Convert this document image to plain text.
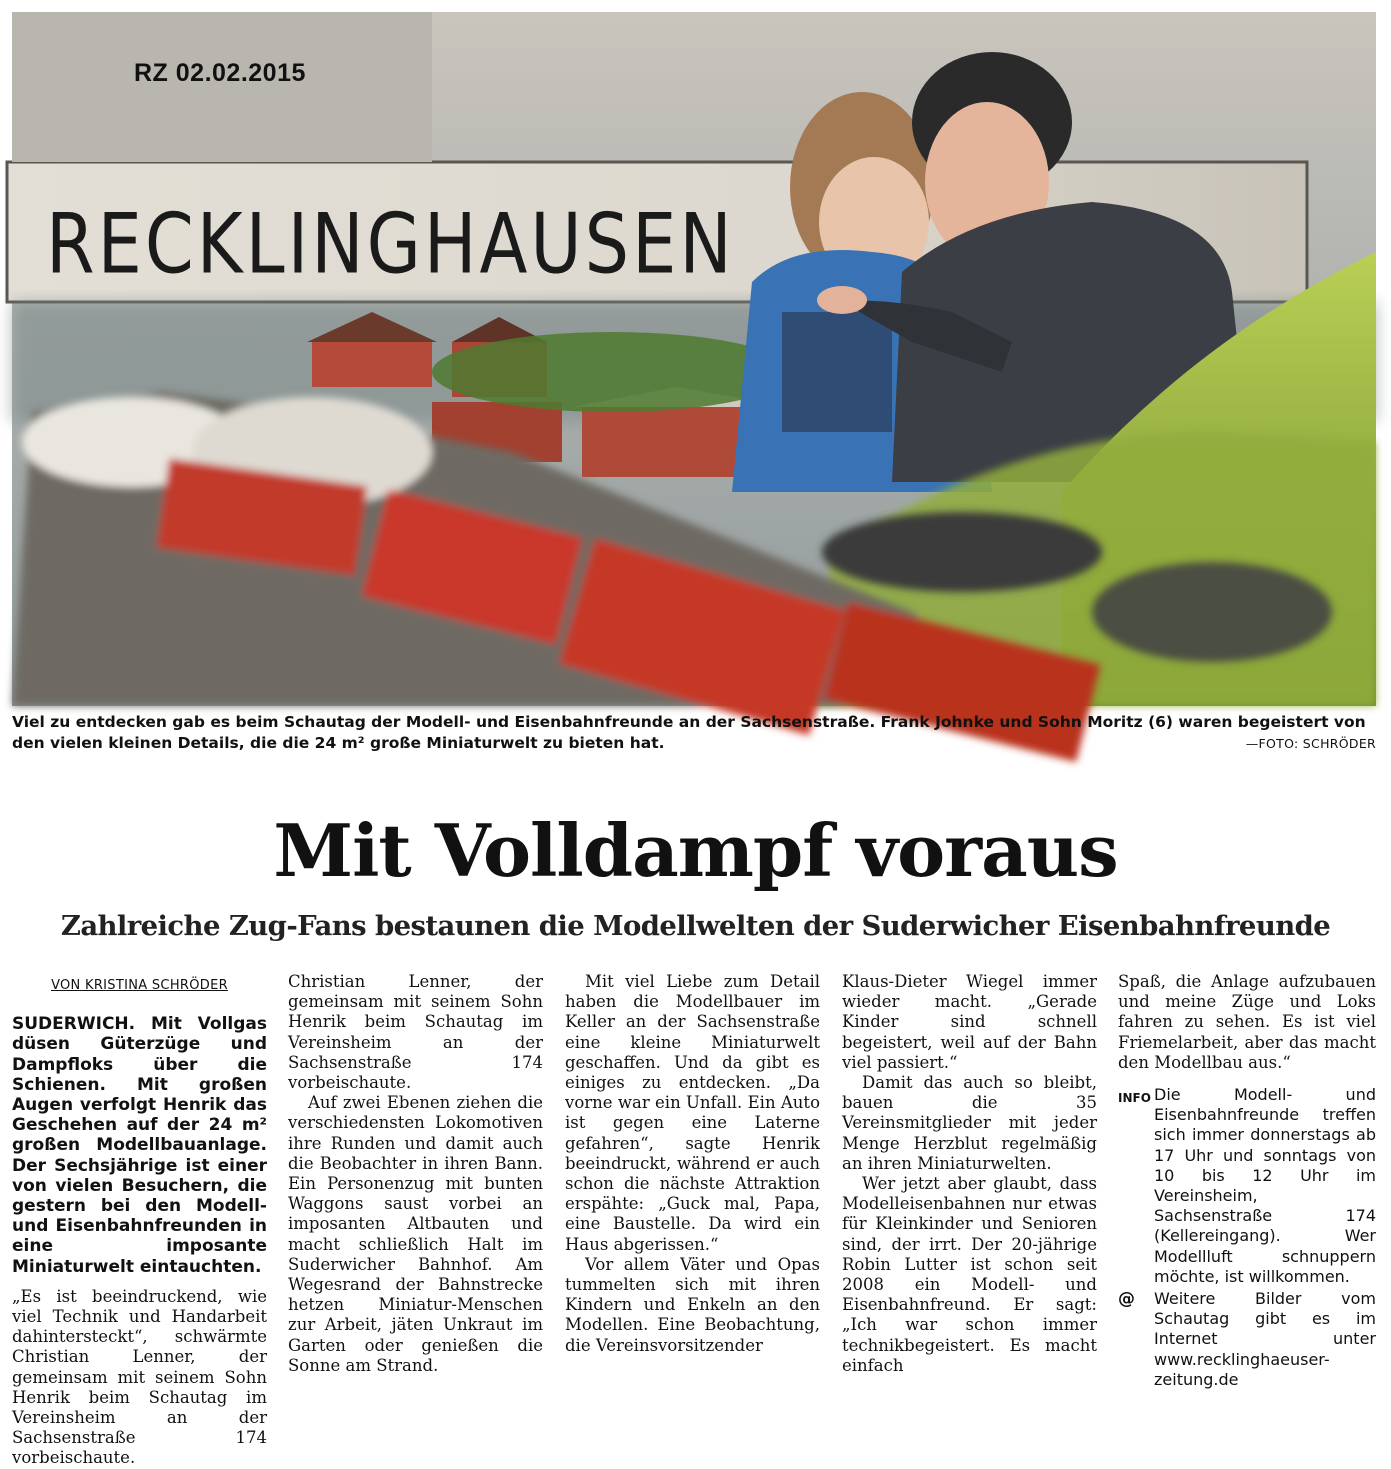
RZ 02.02.2015
RECKLINGHAUSEN
Viel zu entdecken gab es beim Schautag der Modell- und Eisenbahnfreunde an der Sachsenstraße. Frank Johnke und Sohn Moritz (6) waren begeistert von den vielen kleinen Details, die die 24 m² große Miniaturwelt zu bieten hat.	—FOTO: SCHRÖDER
Mit Volldampf voraus
Zahlreiche Zug-Fans bestaunen die Modellwelten der Suderwicher Eisenbahnfreunde
VON KRISTINA SCHRÖDER

SUDERWICH. Mit Vollgas düsen Güterzüge und Dampfloks über die Schienen. Mit großen Augen verfolgt Henrik das Geschehen auf der 24 m² großen Modellbauanlage. Der Sechsjährige ist einer von vielen Besuchern, die gestern bei den Modell- und Eisenbahnfreunden in eine imposante Miniaturwelt eintauchten.

„Es ist beeindruckend, wie viel Technik und Handarbeit dahintersteckt“, schwärmte Christian Lenner, der gemeinsam mit seinem Sohn Henrik beim Schautag im Vereinsheim an der Sachsenstraße 174 vorbeischaute.

Christian Lenner, der gemeinsam mit seinem Sohn Henrik beim Schautag im Vereinsheim an der Sachsenstraße 174 vorbeischaute.

Auf zwei Ebenen ziehen die verschiedensten Lokomotiven ihre Runden und damit auch die Beobachter in ihren Bann. Ein Personenzug mit bunten Waggons saust vorbei an imposanten Altbauten und macht schließlich Halt im Suderwicher Bahnhof. Am Wegesrand der Bahnstrecke hetzen Miniatur-Menschen zur Arbeit, jäten Unkraut im Garten oder genießen die Sonne am Strand.

Mit viel Liebe zum Detail haben die Modellbauer im Keller an der Sachsenstraße eine kleine Miniaturwelt geschaffen. Und da gibt es einiges zu entdecken. „Da vorne war ein Unfall. Ein Auto ist gegen eine Laterne gefahren“, sagte Henrik beeindruckt, während er auch schon die nächste Attraktion erspähte: „Guck mal, Papa, eine Baustelle. Da wird ein Haus abgerissen.“

Vor allem Väter und Opas tummelten sich mit ihren Kindern und Enkeln an den Modellen. Eine Beobachtung, die Vereinsvorsitzender

Klaus-Dieter Wiegel immer wieder macht. „Gerade Kinder sind schnell begeistert, weil auf der Bahn viel passiert.“

Damit das auch so bleibt, bauen die 35 Vereinsmitglieder mit jeder Menge Herzblut regelmäßig an ihren Miniaturwelten.

Wer jetzt aber glaubt, dass Modelleisenbahnen nur etwas für Kleinkinder und Senioren sind, der irrt. Der 20-jährige Robin Lutter ist schon seit 2008 ein Modell- und Eisenbahnfreund. Er sagt: „Ich war schon immer technikbegeistert. Es macht einfach

Spaß, die Anlage aufzubauen und meine Züge und Loks fahren zu sehen. Es ist viel Friemelarbeit, aber das macht den Modellbau aus.“

INFO Die Modell- und Eisenbahnfreunde treffen sich immer donnerstags ab 17 Uhr und sonntags von 10 bis 12 Uhr im Vereinsheim, Sachsenstraße 174 (Kellereingang). Wer Modellluft schnuppern möchte, ist willkommen.
@	Weitere Bilder vom Schautag gibt es im Internet unter www.recklinghaeuser-zeitung.de
